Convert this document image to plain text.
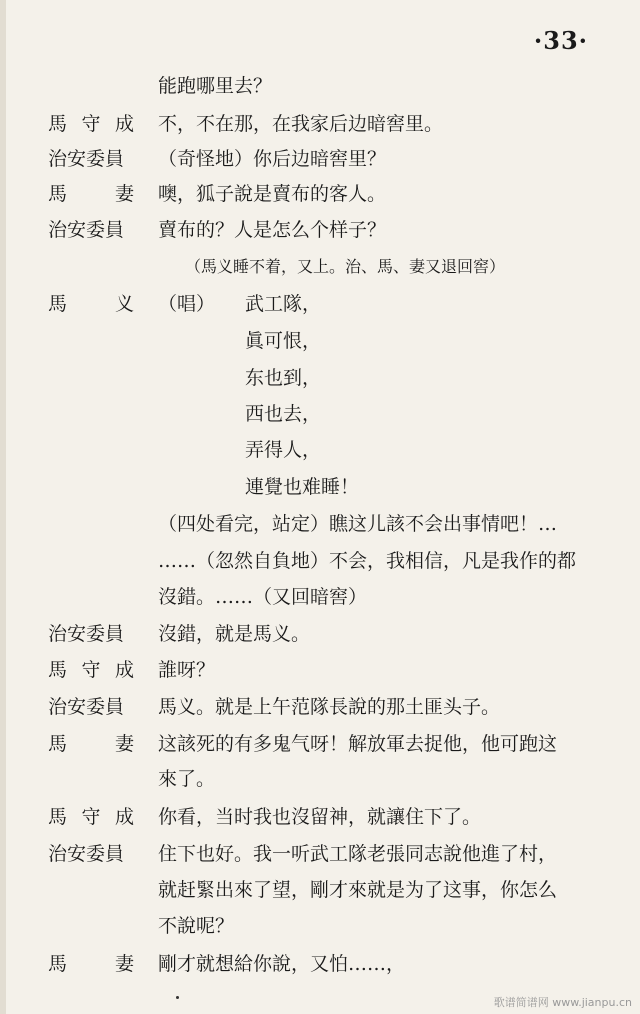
·33·
能跑哪里去？
馬 守 成 不，不在那，在我家后边暗窖里。
治安委員 （奇怪地）你后边暗窖里？
馬	妻 噢，狐子說是賣布的客人。
治安委員 賣布的？人是怎么个样子？
（馬义睡不着，又上。治、馬、妻又退回窖）
馬	义 （唱） 武工隊，
眞可恨，
东也到，
西也去，
弄得人，
連覺也难睡！
（四处看完，站定）瞧这儿該不会出事情吧！…
……（忽然自負地）不会，我相信，凡是我作的都
沒錯。……（又回暗窖）
治安委員 沒錯，就是馬义。
馬 守 成 誰呀？
治安委員 馬义。就是上午范隊長說的那土匪头子。
馬	妻 这該死的有多鬼气呀！解放軍去捉他，他可跑这
來了。
馬 守 成 你看，当时我也沒留神，就讓住下了。
治安委員 住下也好。我一听武工隊老張同志說他進了村，
就赶緊出來了望，剛才來就是为了这事，你怎么
不說呢？
馬	妻 剛才就想給你說，又怕……，
歌谱简谱网 www.jianpu.cn
